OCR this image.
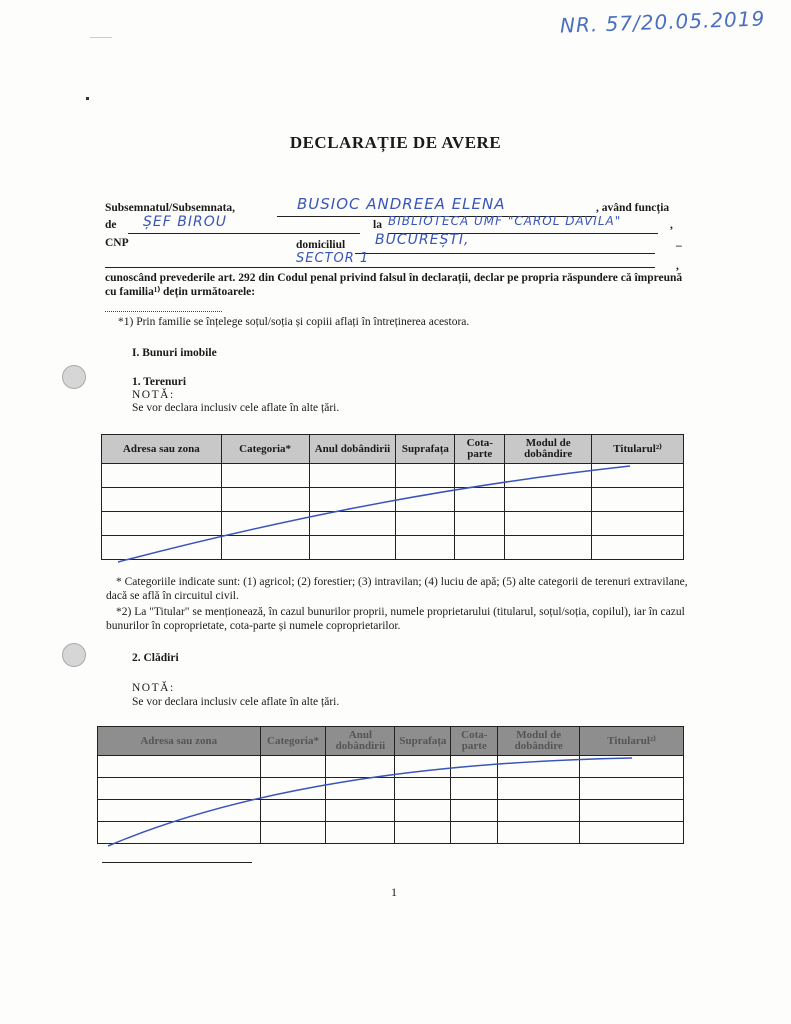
NR. 57/20.05.2019
DECLARAȚIE DE AVERE
Subsemnatul/Subsemnata,	BUSIOC ANDREEA ELENA	, având funcția
de ȘEF BIROU	la BIBLIOTECA UMF "CAROL DAVILA"	,
CNP	domiciliul BUCUREȘTI,	–
SECTOR 1	,
cunoscând prevederile art. 292 din Codul penal privind falsul în declarații, declar pe propria răspundere că împreună cu familia¹⁾ dețin următoarele:
*1) Prin familie se înțelege soțul/soția și copiii aflați în întreținerea acestora.
I. Bunuri imobile
1. Terenuri
NOTĂ:
Se vor declara inclusiv cele aflate în alte țări.
Adresa sau zona	Categoria*	Anul dobândirii	Suprafața	Cota-parte	Modul de dobândire	Titularul²⁾

* Categoriile indicate sunt: (1) agricol; (2) forestier; (3) intravilan; (4) luciu de apă; (5) alte categorii de terenuri extravilane, dacă se află în circuitul civil.
*2) La "Titular" se menționează, în cazul bunurilor proprii, numele proprietarului (titularul, soțul/soția, copilul), iar în cazul bunurilor în coproprietate, cota-parte și numele coproprietarilor.
2. Clădiri
NOTĂ:
Se vor declara inclusiv cele aflate în alte țări.
Adresa sau zona	Categoria*	Anul dobândirii	Suprafața	Cota-parte	Modul de dobândire	Titularul²⁾

1
